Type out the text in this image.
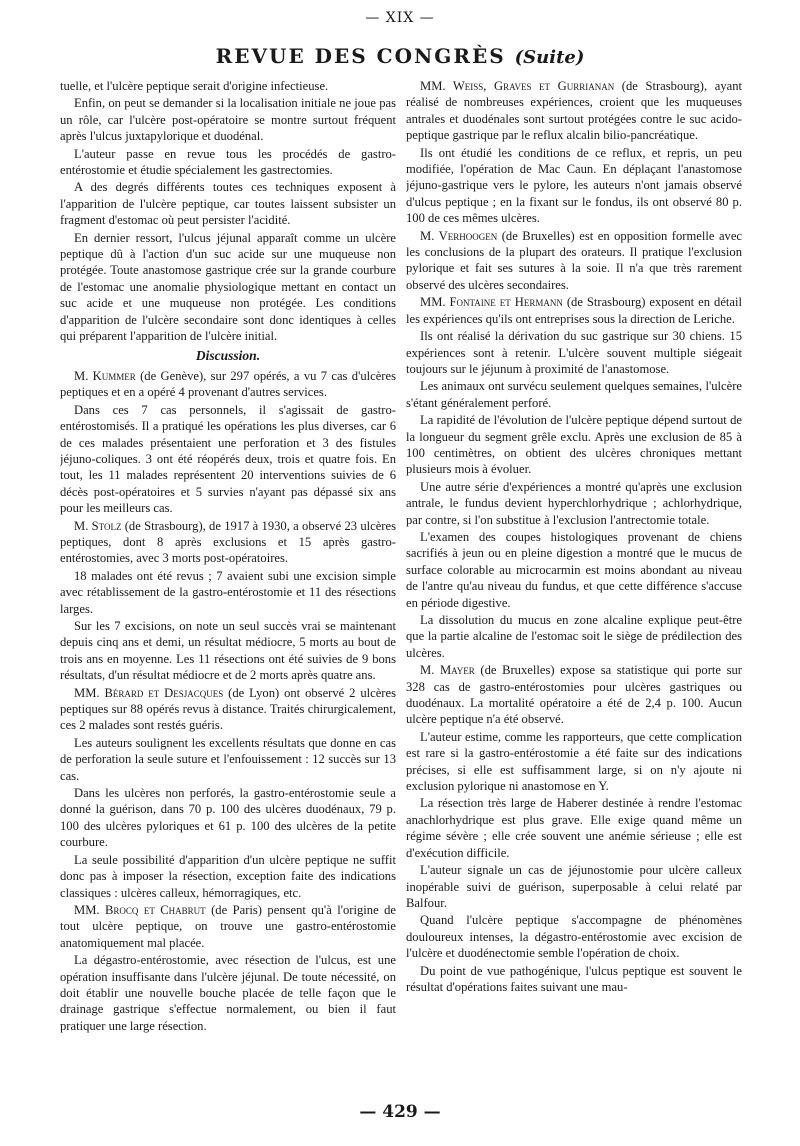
— XIX —
REVUE DES CONGRÈS (Suite)

tuelle, et l'ulcère peptique serait d'origine infectieuse.

Enfin, on peut se demander si la localisation initiale ne joue pas un rôle, car l'ulcère post-opératoire se montre surtout fréquent après l'ulcus juxtapylorique et duodénal.

L'auteur passe en revue tous les procédés de gastro-entérostomie et étudie spécialement les gastrectomies.

A des degrés différents toutes ces techniques exposent à l'apparition de l'ulcère peptique, car toutes laissent subsister un fragment d'estomac où peut persister l'acidité.

En dernier ressort, l'ulcus jéjunal apparaît comme un ulcère peptique dû à l'action d'un suc acide sur une muqueuse non protégée. Toute anastomose gastrique crée sur la grande courbure de l'estomac une anomalie physiologique mettant en contact un suc acide et une muqueuse non protégée. Les conditions d'apparition de l'ulcère secondaire sont donc identiques à celles qui préparent l'apparition de l'ulcère initial.

Discussion.

M. Kummer (de Genève), sur 297 opérés, a vu 7 cas d'ulcères peptiques et en a opéré 4 provenant d'autres services.

Dans ces 7 cas personnels, il s'agissait de gastro-entérostomisés. Il a pratiqué les opérations les plus diverses, car 6 de ces malades présentaient une perforation et 3 des fistules jéjuno-coliques. 3 ont été réopérés deux, trois et quatre fois. En tout, les 11 malades représentent 20 interventions suivies de 6 décès post-opératoires et 5 survies n'ayant pas dépassé six ans pour les meilleurs cas.

M. Stolz (de Strasbourg), de 1917 à 1930, a observé 23 ulcères peptiques, dont 8 après exclusions et 15 après gastro-entérostomies, avec 3 morts post-opératoires.

18 malades ont été revus ; 7 avaient subi une excision simple avec rétablissement de la gastro-entérostomie et 11 des résections larges.

Sur les 7 excisions, on note un seul succès vrai se maintenant depuis cinq ans et demi, un résultat médiocre, 5 morts au bout de trois ans en moyenne. Les 11 résections ont été suivies de 9 bons résultats, d'un résultat médiocre et de 2 morts après quatre ans.

MM. Bérard et Desjacques (de Lyon) ont observé 2 ulcères peptiques sur 88 opérés revus à distance. Traités chirurgicalement, ces 2 malades sont restés guéris.

Les auteurs soulignent les excellents résultats que donne en cas de perforation la seule suture et l'enfouissement : 12 succès sur 13 cas.

Dans les ulcères non perforés, la gastro-entérostomie seule a donné la guérison, dans 70 p. 100 des ulcères duodénaux, 79 p. 100 des ulcères pyloriques et 61 p. 100 des ulcères de la petite courbure.

La seule possibilité d'apparition d'un ulcère peptique ne suffit donc pas à imposer la résection, exception faite des indications classiques : ulcères calleux, hémorragiques, etc.

MM. Brocq et Chabrut (de Paris) pensent qu'à l'origine de tout ulcère peptique, on trouve une gastro-entérostomie anatomiquement mal placée.

La dégastro-entérostomie, avec résection de l'ulcus, est une opération insuffisante dans l'ulcère jéjunal. De toute nécessité, on doit établir une nouvelle bouche placée de telle façon que le drainage gastrique s'effectue normalement, ou bien il faut pratiquer une large résection.

MM. Weiss, Graves et Gurrianan (de Strasbourg), ayant réalisé de nombreuses expériences, croient que les muqueuses antrales et duodénales sont surtout protégées contre le suc acido-peptique gastrique par le reflux alcalin bilio-pancréatique.

Ils ont étudié les conditions de ce reflux, et repris, un peu modifiée, l'opération de Mac Caun. En déplaçant l'anastomose jéjuno-gastrique vers le pylore, les auteurs n'ont jamais observé d'ulcus peptique ; en la fixant sur le fondus, ils ont observé 80 p. 100 de ces mêmes ulcères.

M. Verhoogen (de Bruxelles) est en opposition formelle avec les conclusions de la plupart des orateurs. Il pratique l'exclusion pylorique et fait ses sutures à la soie. Il n'a que très rarement observé des ulcères secondaires.

MM. Fontaine et Hermann (de Strasbourg) exposent en détail les expériences qu'ils ont entreprises sous la direction de Leriche.

Ils ont réalisé la dérivation du suc gastrique sur 30 chiens. 15 expériences sont à retenir. L'ulcère souvent multiple siégeait toujours sur le jéjunum à proximité de l'anastomose.

Les animaux ont survécu seulement quelques semaines, l'ulcère s'étant généralement perforé.

La rapidité de l'évolution de l'ulcère peptique dépend surtout de la longueur du segment grêle exclu. Après une exclusion de 85 à 100 centimètres, on obtient des ulcères chroniques mettant plusieurs mois à évoluer.

Une autre série d'expériences a montré qu'après une exclusion antrale, le fundus devient hyperchlorhydrique ; achlorhydrique, par contre, si l'on substitue à l'exclusion l'antrectomie totale.

L'examen des coupes histologiques provenant de chiens sacrifiés à jeun ou en pleine digestion a montré que le mucus de surface colorable au microcarmin est moins abondant au niveau de l'antre qu'au niveau du fundus, et que cette différence s'accuse en période digestive.

La dissolution du mucus en zone alcaline explique peut-être que la partie alcaline de l'estomac soit le siège de prédilection des ulcères.

M. Mayer (de Bruxelles) expose sa statistique qui porte sur 328 cas de gastro-entérostomies pour ulcères gastriques ou duodénaux. La mortalité opératoire a été de 2,4 p. 100. Aucun ulcère peptique n'a été observé.

L'auteur estime, comme les rapporteurs, que cette complication est rare si la gastro-entérostomie a été faite sur des indications précises, si elle est suffisamment large, si on n'y ajoute ni exclusion pylorique ni anastomose en Y.

La résection très large de Haberer destinée à rendre l'estomac anachlorhydrique est plus grave. Elle exige quand même un régime sévère ; elle crée souvent une anémie sérieuse ; elle est d'exécution difficile.

L'auteur signale un cas de jéjunostomie pour ulcère calleux inopérable suivi de guérison, superposable à celui relaté par Balfour.

Quand l'ulcère peptique s'accompagne de phénomènes douloureux intenses, la dégastro-entérostomie avec excision de l'ulcère et duodénectomie semble l'opération de choix.

Du point de vue pathogénique, l'ulcus peptique est souvent le résultat d'opérations faites suivant une mau-

— 429 —
